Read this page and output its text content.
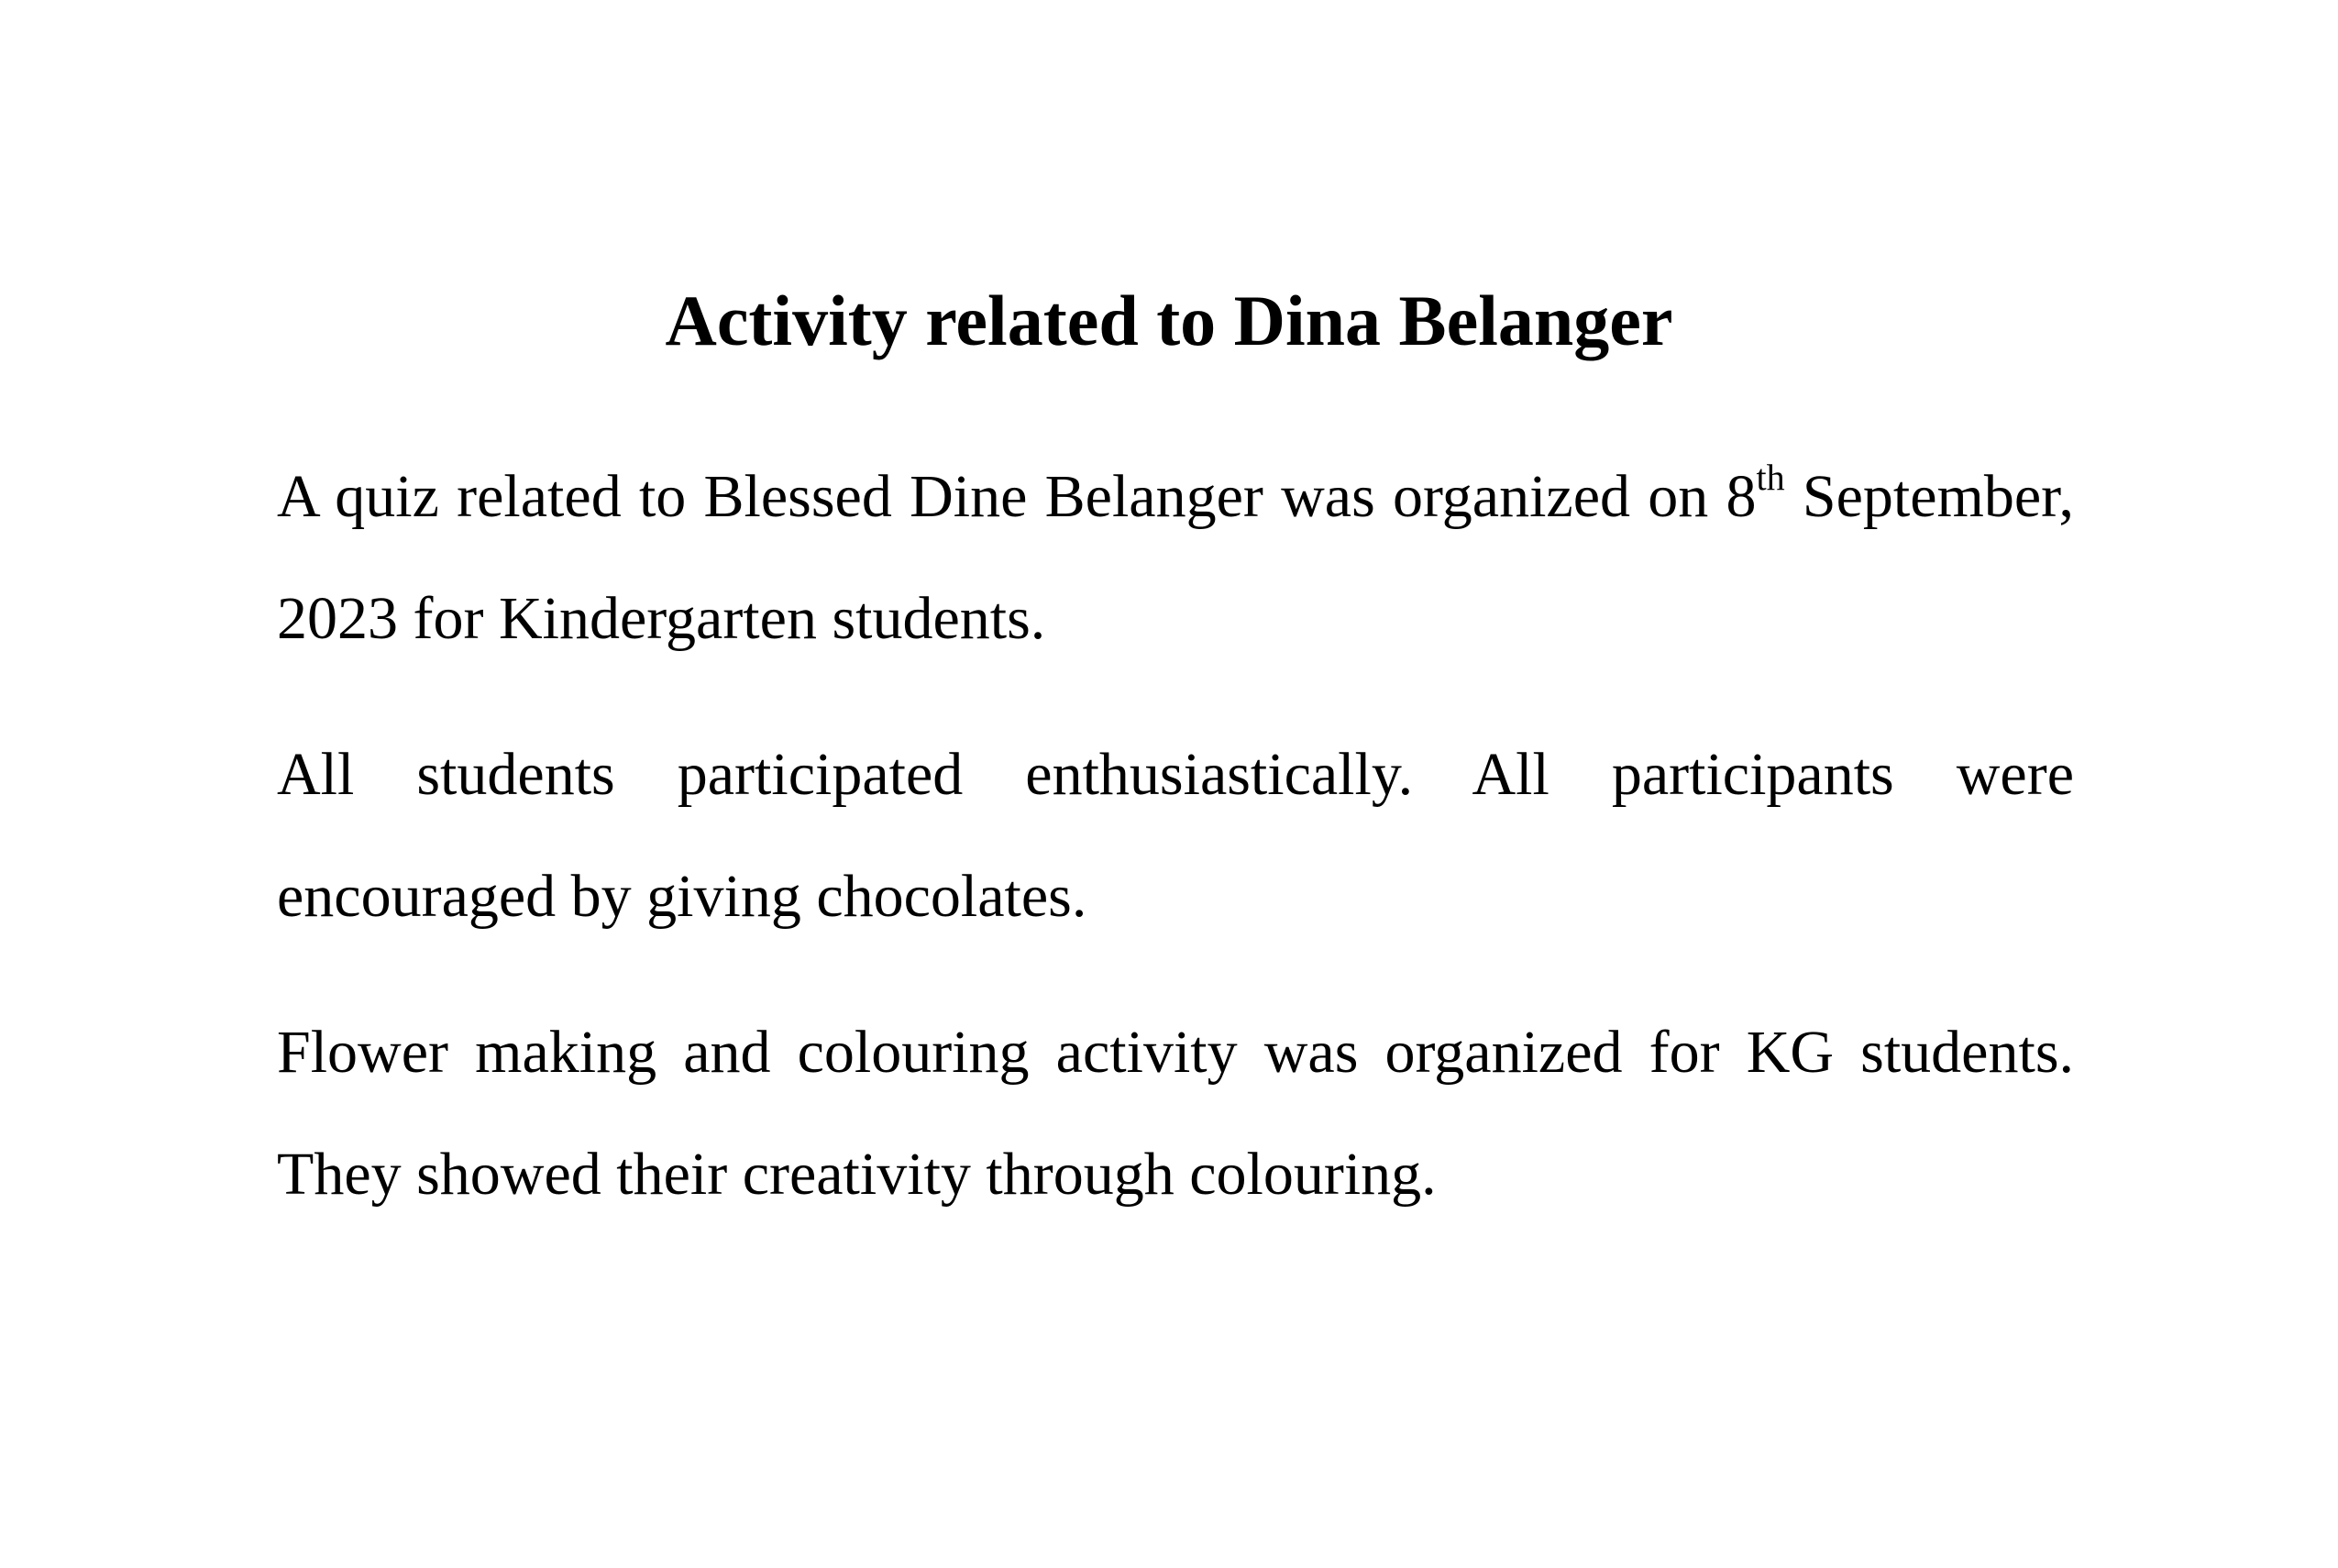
Activity related to Dina Belanger

A quiz related to Blessed Dine Belanger was organized on 8th September, 2023 for Kindergarten students.

All students participated enthusiastically. All participants were encouraged by giving chocolates.

Flower making and colouring activity was organized for KG students. They showed their creativity through colouring.
